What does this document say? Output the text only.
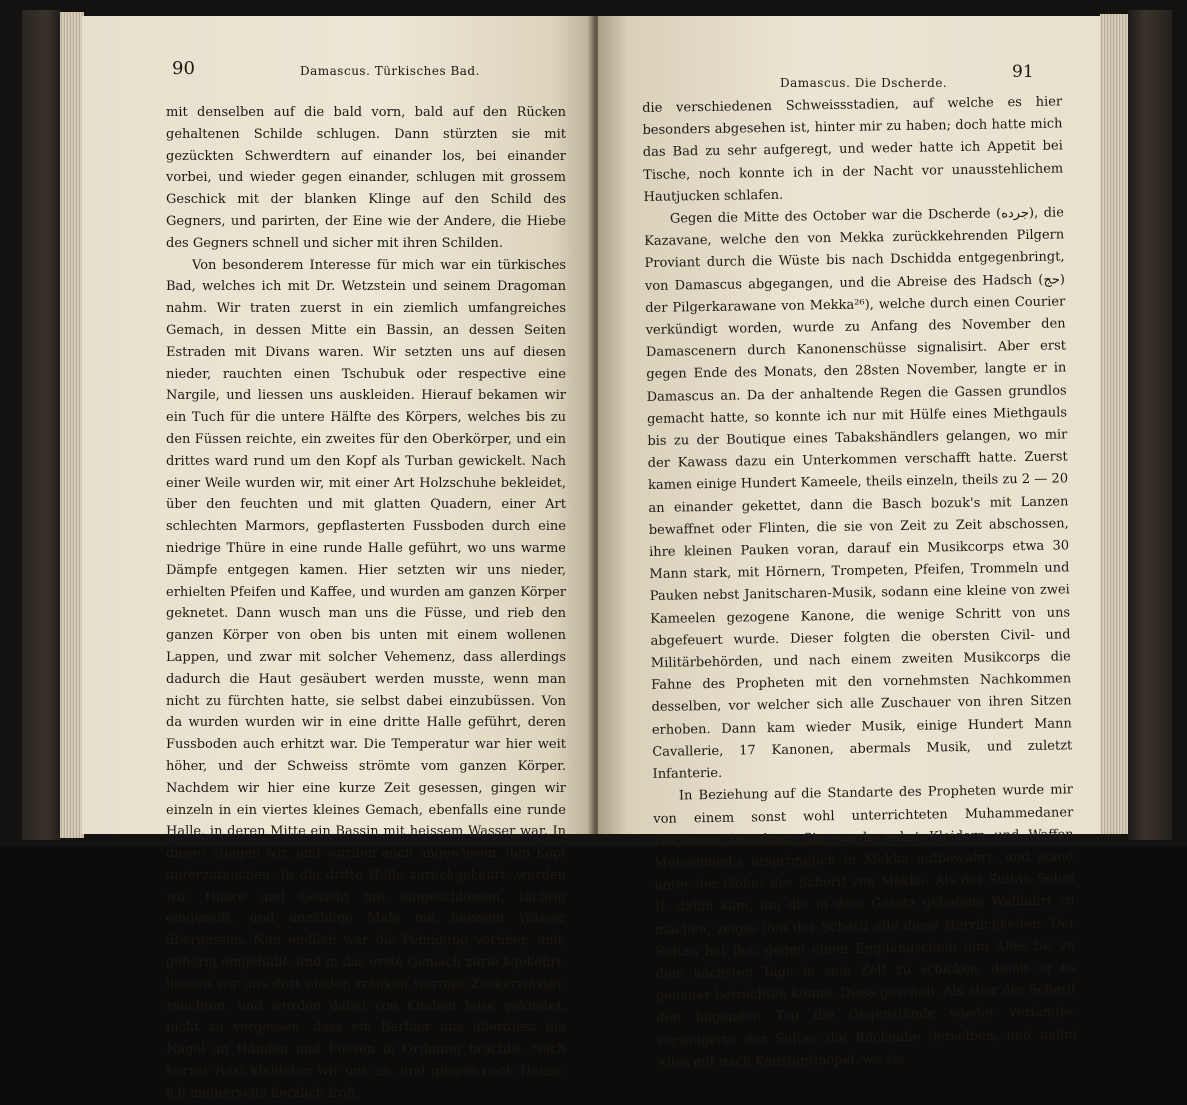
90	Damascus. Türkisches Bad.

mit denselben auf die bald vorn, bald auf den Rücken gehaltenen Schilde schlugen. Dann stürzten sie mit gezückten Schwerdtern auf einander los, bei einander vorbei, und wieder gegen einander, schlugen mit grossem Geschick mit der blanken Klinge auf den Schild des Gegners, und parirten, der Eine wie der Andere, die Hiebe des Gegners schnell und sicher mit ihren Schilden.

Von besonderem Interesse für mich war ein türkisches Bad, welches ich mit Dr. Wetzstein und seinem Dragoman nahm. Wir traten zuerst in ein ziemlich umfangreiches Gemach, in dessen Mitte ein Bassin, an dessen Seiten Estraden mit Divans waren. Wir setzten uns auf diesen nieder, rauchten einen Tschubuk oder respective eine Nargile, und liessen uns auskleiden. Hierauf bekamen wir ein Tuch für die untere Hälfte des Körpers, welches bis zu den Füssen reichte, ein zweites für den Oberkörper, und ein drittes ward rund um den Kopf als Turban gewickelt. Nach einer Weile wurden wir, mit einer Art Holzschuhe bekleidet, über den feuchten und mit glatten Quadern, einer Art schlechten Marmors, gepflasterten Fussboden durch eine niedrige Thüre in eine runde Halle geführt, wo uns warme Dämpfe entgegen kamen. Hier setzten wir uns nieder, erhielten Pfeifen und Kaffee, und wurden am ganzen Körper geknetet. Dann wusch man uns die Füsse, und rieb den ganzen Körper von oben bis unten mit einem wollenen Lappen, und zwar mit solcher Vehemenz, dass allerdings dadurch die Haut gesäubert werden musste, wenn man nicht zu fürchten hatte, sie selbst dabei einzubüssen. Von da wurden wurden wir in eine dritte Halle geführt, deren Fussboden auch erhitzt war. Die Temperatur war hier weit höher, und der Schweiss strömte vom ganzen Körper. Nachdem wir hier eine kurze Zeit gesessen, gingen wir einzeln in ein viertes kleines Gemach, ebenfalls eine runde Halle, in deren Mitte ein Bassin mit heissem Wasser war. In dieses stiegen wir, und wurden auch angewiesen, den Kopf unterzutauchen. In die dritte Halle zurückgekehrt, wurden wir, Haare und Gesicht mit eingeschlossen, tüchtig eingeseift, und unzählige Male mit heissem Wasser übergossen. Nun endlich war die Peinigung vorüber, und, gehörig eingehüllt, und in das erste Gemach zurückgekehrt, liessen wir uns dort nieder, tranken warmes Zuckerwasser, rauchten, und wurden dabei von Knaben leise geknetet, nicht zu vergessen, dass ein Barbier uns überdiess die Nägel an Händen und Füssen in Ordnung brachte. Nach kurzer Rast kleideten wir uns an, und gingen nach Hause, ich meinerseits herzlich froh,

Damascus. Die Dscherde.
91

die verschiedenen Schweissstadien, auf welche es hier besonders abgesehen ist, hinter mir zu haben; doch hatte mich das Bad zu sehr aufgeregt, und weder hatte ich Appetit bei Tische, noch konnte ich in der Nacht vor unausstehlichem Hautjucken schlafen.

Gegen die Mitte des October war die Dscherde (جرده), die Kazavane, welche den von Mekka zurückkehrenden Pilgern Proviant durch die Wüste bis nach Dschidda entgegenbringt, von Damascus abgegangen, und die Abreise des Hadsch (حج) der Pilgerkarawane von Mekka²⁶), welche durch einen Courier verkündigt worden, wurde zu Anfang des November den Damascenern durch Kanonenschüsse signalisirt. Aber erst gegen Ende des Monats, den 28sten November, langte er in Damascus an. Da der anhaltende Regen die Gassen grundlos gemacht hatte, so konnte ich nur mit Hülfe eines Miethgauls bis zu der Boutique eines Tabakshändlers gelangen, wo mir der Kawass dazu ein Unterkommen verschafft hatte. Zuerst kamen einige Hundert Kameele, theils einzeln, theils zu 2 — 20 an einander gekettet, dann die Basch bozuk's mit Lanzen bewaffnet oder Flinten, die sie von Zeit zu Zeit abschossen, ihre kleinen Pauken voran, darauf ein Musikcorps etwa 30 Mann stark, mit Hörnern, Trompeten, Pfeifen, Trommeln und Pauken nebst Janitscharen-Musik, sodann eine kleine von zwei Kameelen gezogene Kanone, die wenige Schritt von uns abgefeuert wurde. Dieser folgten die obersten Civil- und Militärbehörden, und nach einem zweiten Musikcorps die Fahne des Propheten mit den vornehmsten Nachkommen desselben, vor welcher sich alle Zuschauer von ihren Sitzen erhoben. Dann kam wieder Musik, einige Hundert Mann Cavallerie, 17 Kanonen, abermals Musik, und zuletzt Infanterie.

In Beziehung auf die Standarte des Propheten wurde mir von einem sonst wohl unterrichteten Muhammedaner Folgendes berichtet: Sie wurde nebst Kleidern und Waffen Muhammed's ursprünglich in Mekka aufbewahrt, und stand unter der Obhut des Scherif von Mekka. Als der Sultan Selim II. dahin kam, um die in dem Gesetz gebotene Wallfahrt zu machen, zeigte ihm der Scherif alle diese Herrlichkeiten. Der Sultan bat ihn, gegen einen Empfangschein ihm Alles bis zu dem nächsten Tage in sein Zelt zu schicken, damit er es genauer betrachten könne. Diess geschah. Als aber der Scherif den folgenden Tag die Gegenstände wieder verlangte, verweigerte der Sultan die Rückgabe derselben, und nahm Alles mit nach Konstantinopel, wo sie
